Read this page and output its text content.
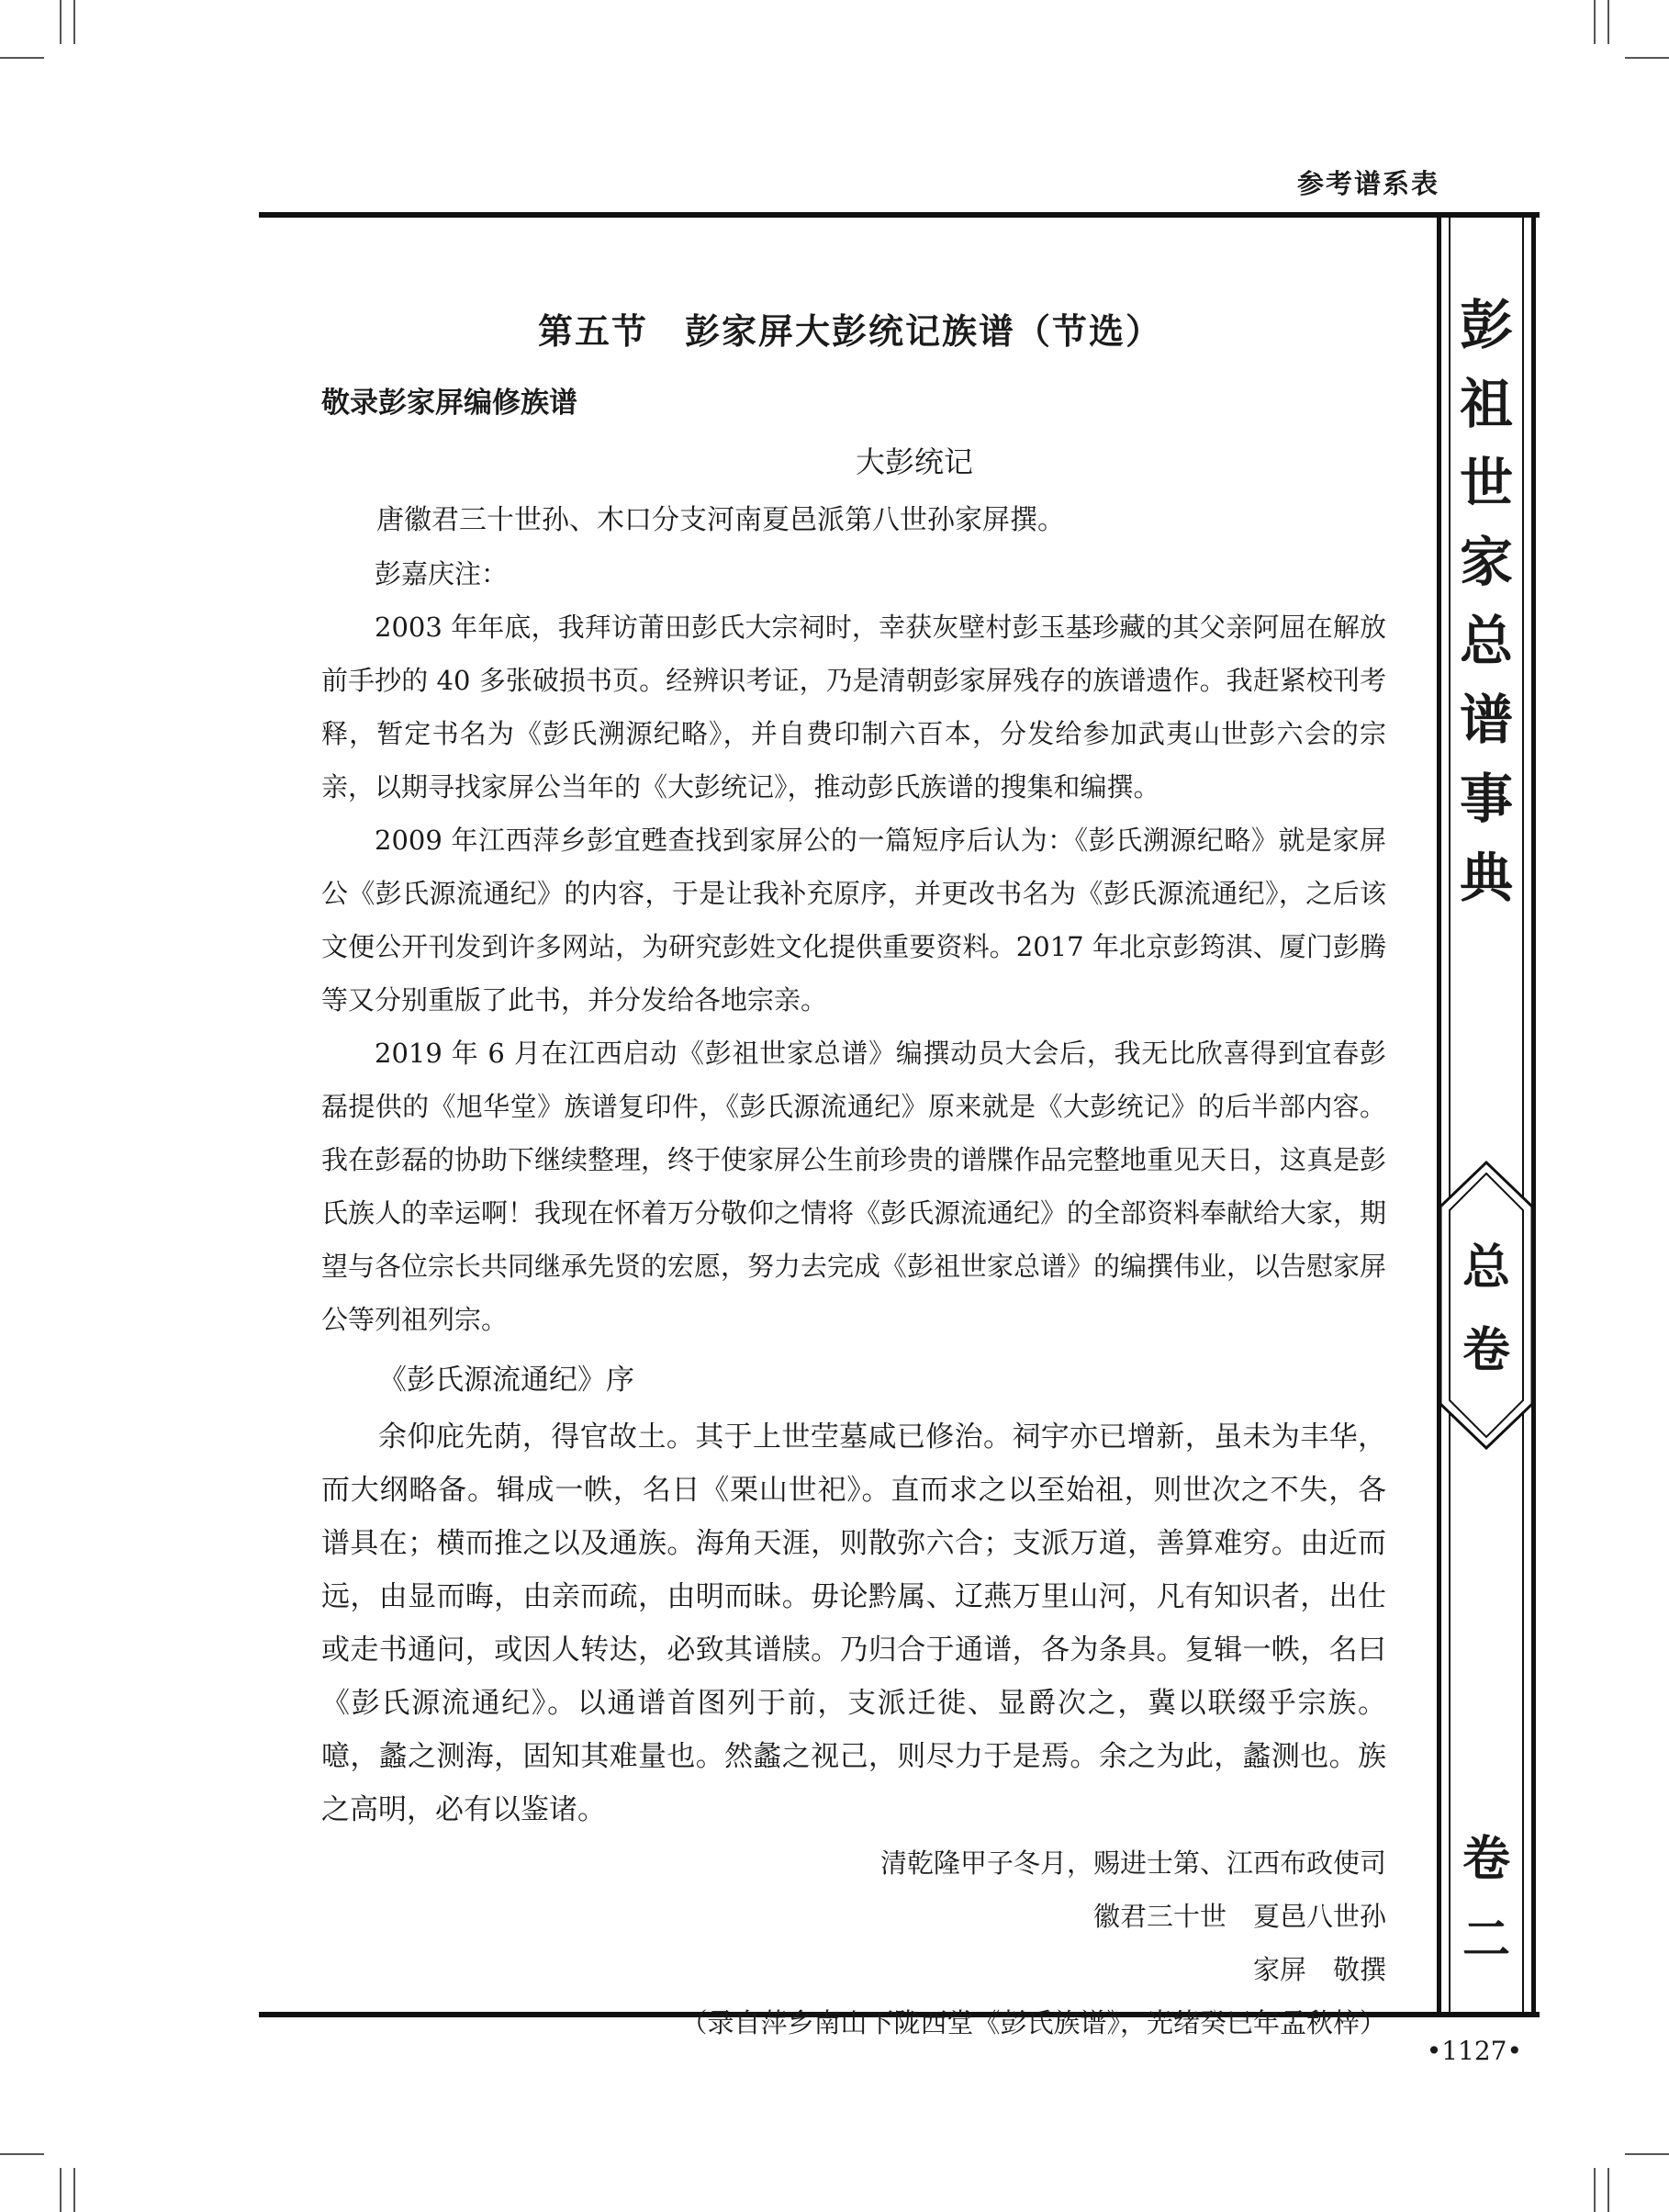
参考谱系表
彭
祖
世
家
总
谱
事
典
总
卷
卷
二
第五节　彭家屏大彭统记族谱（节选）
敬录彭家屏编修族谱
大彭统记

唐徽君三十世孙、木口分支河南夏邑派第八世孙家屏撰。

彭嘉庆注：

2003 年年底，我拜访莆田彭氏大宗祠时，幸获灰壁村彭玉基珍藏的其父亲阿屈在解放前手抄的 40 多张破损书页。经辨识考证，乃是清朝彭家屏残存的族谱遗作。我赶紧校刊考释，暂定书名为《彭氏溯源纪略》，并自费印制六百本，分发给参加武夷山世彭六会的宗亲，以期寻找家屏公当年的《大彭统记》，推动彭氏族谱的搜集和编撰。

2009 年江西萍乡彭宜甦查找到家屏公的一篇短序后认为：《彭氏溯源纪略》就是家屏公《彭氏源流通纪》的内容，于是让我补充原序，并更改书名为《彭氏源流通纪》，之后该文便公开刊发到许多网站，为研究彭姓文化提供重要资料。2017 年北京彭筠淇、厦门彭腾等又分别重版了此书，并分发给各地宗亲。

2019 年 6 月在江西启动《彭祖世家总谱》编撰动员大会后，我无比欣喜得到宜春彭磊提供的《旭华堂》族谱复印件，《彭氏源流通纪》原来就是《大彭统记》的后半部内容。我在彭磊的协助下继续整理，终于使家屏公生前珍贵的谱牒作品完整地重见天日，这真是彭氏族人的幸运啊！我现在怀着万分敬仰之情将《彭氏源流通纪》的全部资料奉献给大家，期望与各位宗长共同继承先贤的宏愿，努力去完成《彭祖世家总谱》的编撰伟业，以告慰家屏公等列祖列宗。

《彭氏源流通纪》序

余仰庇先荫，得官故土。其于上世茔墓咸已修治。祠宇亦已增新，虽未为丰华，而大纲略备。辑成一帙，名日《栗山世祀》。直而求之以至始祖，则世次之不失，各谱具在；横而推之以及通族。海角天涯，则散弥六合；支派万道，善算难穷。由近而远，由显而晦，由亲而疏，由明而昧。毋论黔属、辽燕万里山河，凡有知识者，出仕或走书通问，或因人转达，必致其谱牍。乃归合于通谱，各为条具。复辑一帙，名曰《彭氏源流通纪》。以通谱首图列于前，支派迁徙、显爵次之，冀以联缀乎宗族。噫，蠡之测海，固知其难量也。然蠡之视己，则尽力于是焉。余之为此，蠡测也。族之高明，必有以鉴诸。

清乾隆甲子冬月，赐进士第、江西布政使司

徽君三十世　夏邑八世孙

家屏　敬撰

（录自萍乡南山下陇西堂《彭氏族谱》，光绪癸巳年孟秋梓）

•1127•
